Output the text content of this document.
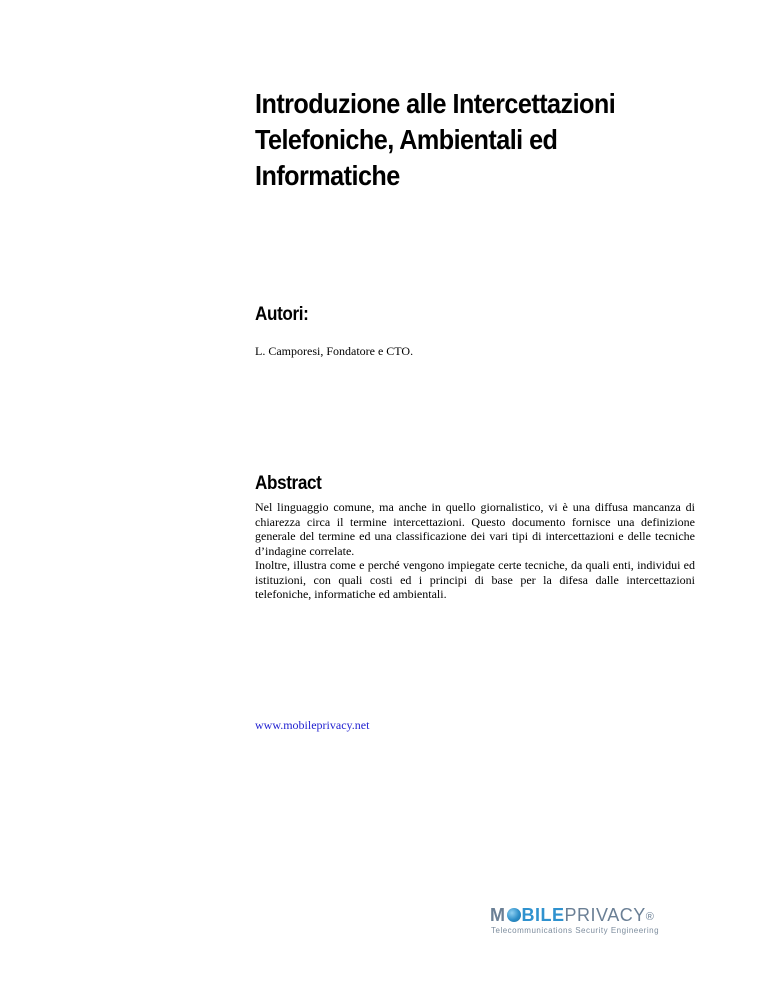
Introduzione alle Intercettazioni
Telefoniche, Ambientali ed
Informatiche
Autori:

L. Camporesi, Fondatore e CTO.

Abstract

Nel linguaggio comune, ma anche in quello giornalistico, vi è una diffusa mancanza di chiarezza circa il termine intercettazioni. Questo documento fornisce una definizione generale del termine ed una classificazione dei vari tipi di intercettazioni e delle tecniche d’indagine correlate.

Inoltre, illustra come e perché vengono impiegate certe tecniche, da quali enti, individui ed istituzioni, con quali costi ed i principi di base per la difesa dalle intercettazioni telefoniche, informatiche ed ambientali.

www.mobileprivacy.net
M BILEPRIVACY®
Telecommunications Security Engineering
